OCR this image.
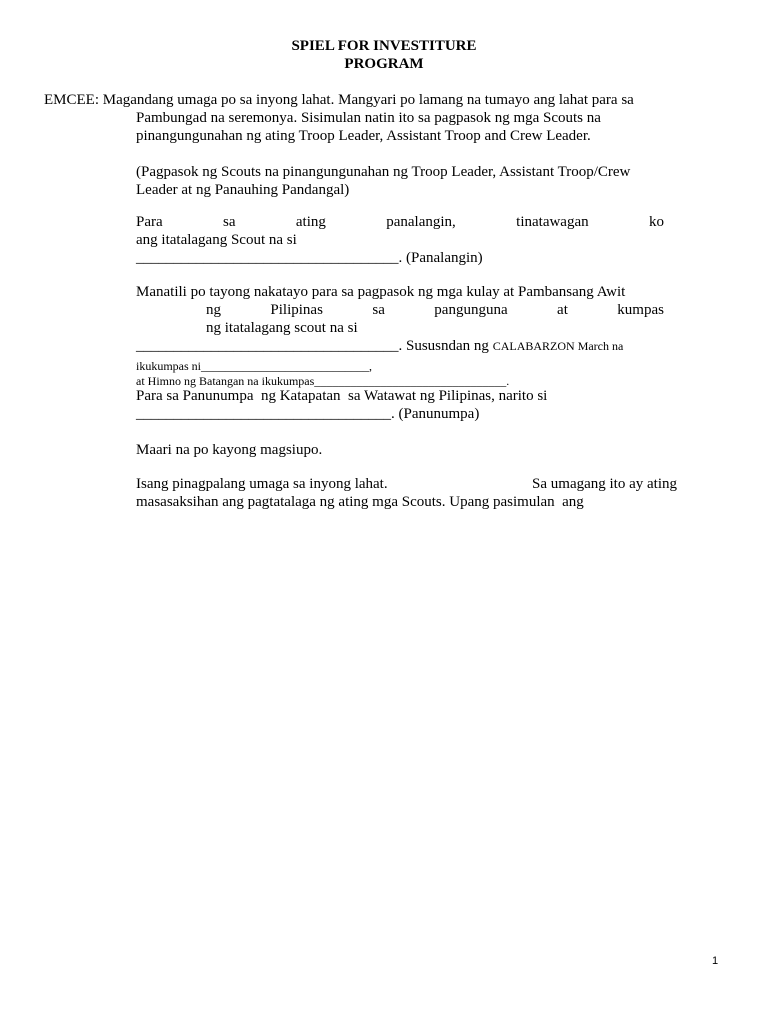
SPIEL FOR INVESTITURE
PROGRAM
EMCEE: Magandang umaga po sa inyong lahat. Mangyari po lamang na tumayo ang lahat para sa
Pambungad na seremonya. Sisimulan natin ito sa pagpasok ng mga Scouts na
pinangungunahan ng ating Troop Leader, Assistant Troop and Crew Leader.
(Pagpasok ng Scouts na pinangungunahan ng Troop Leader, Assistant Troop/Crew
Leader at ng Panauhing Pandangal)
Para	sa	ating	panalangin,	tinatawagan	ko
ang itatalagang Scout na si
___________________________________. (Panalangin)
Manatili po tayong nakatayo para sa pagpasok ng mga kulay at Pambansang Awit
ng	Pilipinas	sa	pangunguna	at	kumpas
ng itatalagang scout na si
___________________________________. Sususndan ng CALABARZON March na
ikukumpas ni____________________________,
at Himno ng Batangan na ikukumpas________________________________.
Para sa Panunumpa  ng Katapatan  sa Watawat ng Pilipinas, narito si
__________________________________. (Panunumpa)
Maari na po kayong magsiupo.
Isang pinagpalang umaga sa inyong lahat.	Sa umagang ito ay ating
masasaksihan ang pagtatalaga ng ating mga Scouts. Upang pasimulan  ang
1
